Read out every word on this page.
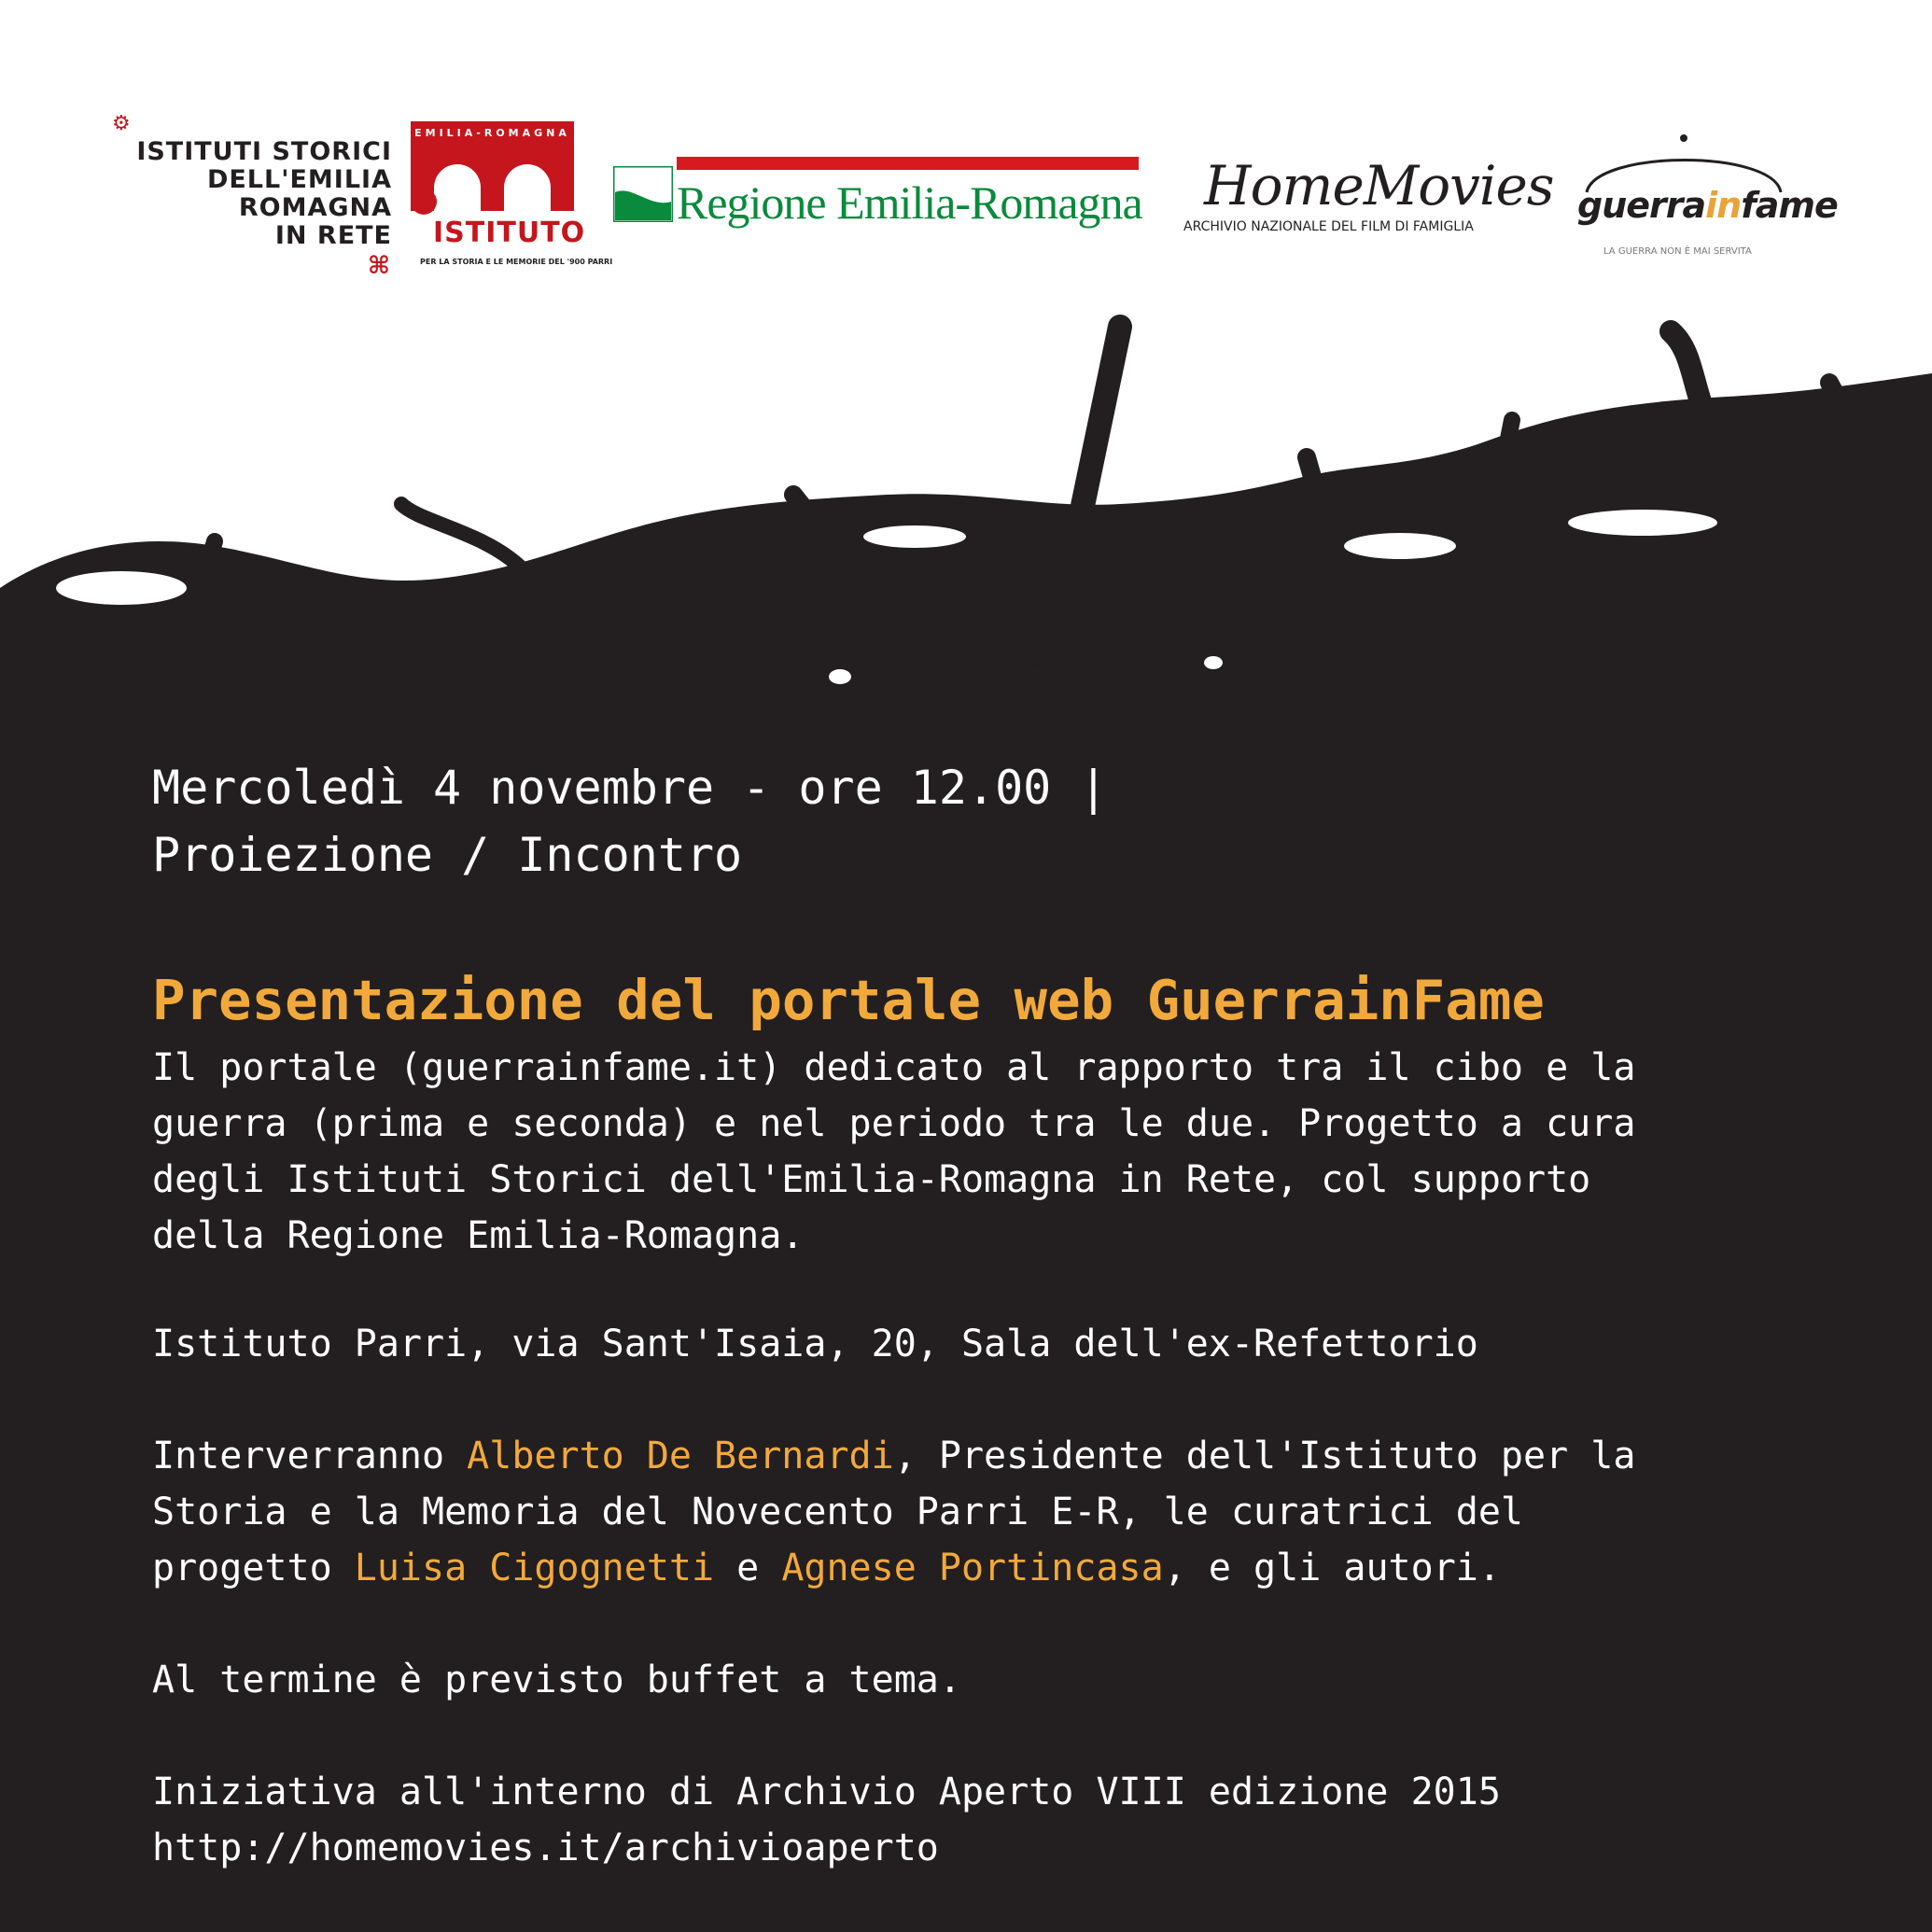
⚙
ISTITUTI STORICI
DELL'EMILIA
ROMAGNA
IN RETE
⌘
EMILIA-ROMAGNA
ISTITUTO
PER LA STORIA E LE MEMORIE DEL '900 PARRI
Regione Emilia-Romagna HomeMovies
ARCHIVIO NAZIONALE DEL FILM DI FAMIGLIA
guerrainfame
LA GUERRA NON È MAI SERVITA
Mercoledì 4 novembre - ore 12.00 |
Proiezione / Incontro
Presentazione del portale web GuerrainFame
Il portale (guerrainfame.it) dedicato al rapporto tra il cibo e la
guerra (prima e seconda) e nel periodo tra le due. Progetto a cura
degli Istituti Storici dell'Emilia-Romagna in Rete, col supporto
della Regione Emilia-Romagna.
Istituto Parri, via Sant'Isaia, 20, Sala dell'ex-Refettorio
Interverranno Alberto De Bernardi, Presidente dell'Istituto per la
Storia e la Memoria del Novecento Parri E-R, le curatrici del
progetto Luisa Cigognetti e Agnese Portincasa, e gli autori.
Al termine è previsto buffet a tema.
Iniziativa all'interno di Archivio Aperto VIII edizione 2015
http://homemovies.it/archivioaperto
